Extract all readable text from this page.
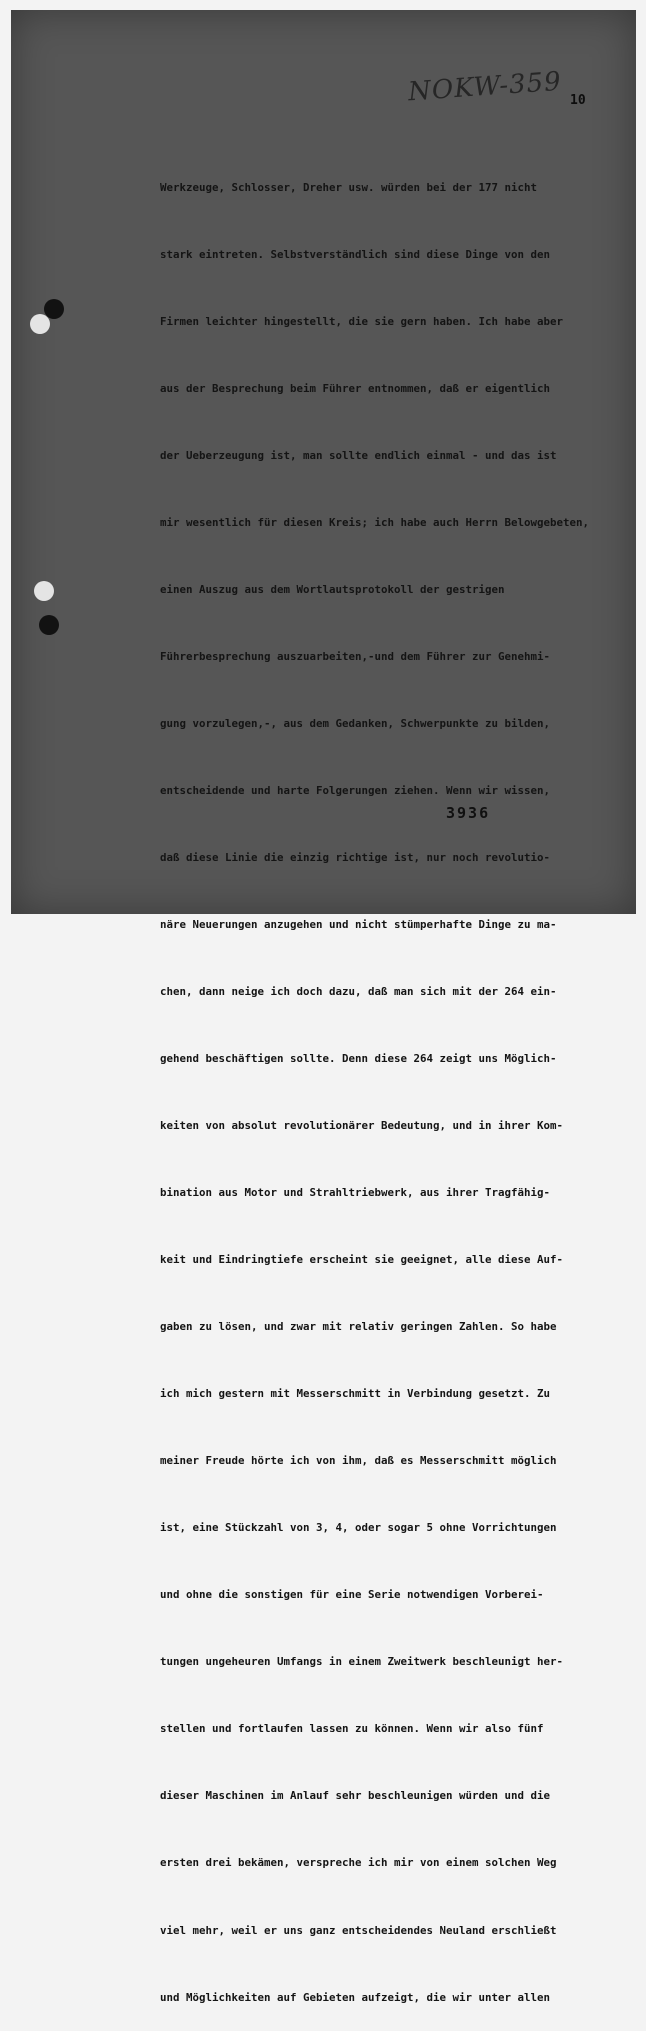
NOKW-359 10

Werkzeuge, Schlosser, Dreher usw. würden bei der 177 nicht

stark eintreten. Selbstverständlich sind diese Dinge von den

Firmen leichter hingestellt, die sie gern haben. Ich habe aber

aus der Besprechung beim Führer entnommen, daß er eigentlich

der Ueberzeugung ist, man sollte endlich einmal - und das ist

mir wesentlich für diesen Kreis; ich habe auch Herrn Belowgebeten,

einen Auszug aus dem Wortlautsprotokoll der gestrigen

Führerbesprechung auszuarbeiten,-und dem Führer zur Genehmi-

gung vorzulegen,-, aus dem Gedanken, Schwerpunkte zu bilden,

entscheidende und harte Folgerungen ziehen. Wenn wir wissen,

daß diese Linie die einzig richtige ist, nur noch revolutio-

näre Neuerungen anzugehen und nicht stümperhafte Dinge zu ma-

chen, dann neige ich doch dazu, daß man sich mit der 264 ein-

gehend beschäftigen sollte. Denn diese 264 zeigt uns Möglich-

keiten von absolut revolutionärer Bedeutung, und in ihrer Kom-

bination aus Motor und Strahltriebwerk, aus ihrer Tragfähig-

keit und Eindringtiefe erscheint sie geeignet, alle diese Auf-

gaben zu lösen, und zwar mit relativ geringen Zahlen. So habe

ich mich gestern mit Messerschmitt in Verbindung gesetzt. Zu

meiner Freude hörte ich von ihm, daß es Messerschmitt möglich

ist, eine Stückzahl von 3, 4, oder sogar 5 ohne Vorrichtungen

und ohne die sonstigen für eine Serie notwendigen Vorberei-

tungen ungeheuren Umfangs in einem Zweitwerk beschleunigt her-

stellen und fortlaufen lassen zu können. Wenn wir also fünf

dieser Maschinen im Anlauf sehr beschleunigen würden und die

ersten drei bekämen, verspreche ich mir von einem solchen Weg

viel mehr, weil er uns ganz entscheidendes Neuland erschließt

und Möglichkeiten auf Gebieten aufzeigt, die wir unter allen

3936
